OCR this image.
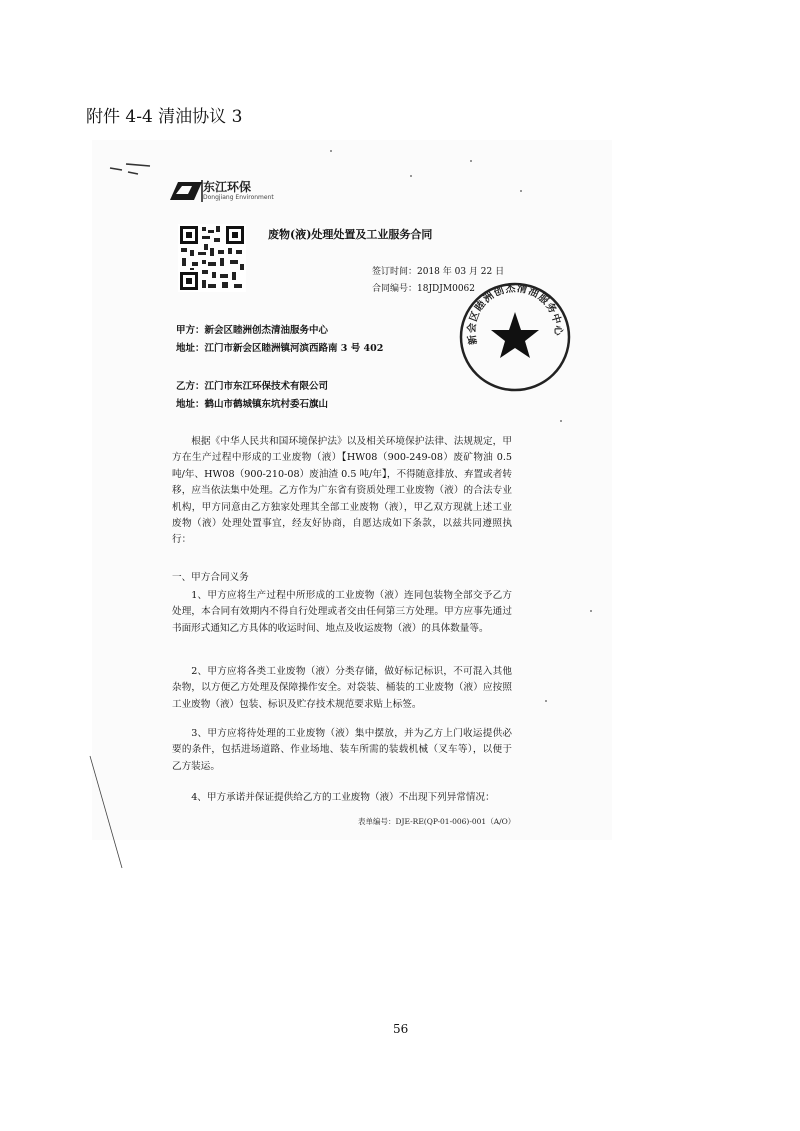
附件 4-4 清油协议 3
东江环保
Dongjiang Environment
废物(液)处理处置及工业服务合同
签订时间：2018 年 03 月 22 日
合同编号：18JDJM0062
新会区睦洲创杰清油服务中心
甲方：新会区睦洲创杰清油服务中心
地址：江门市新会区睦洲镇河滨西路南 3 号 402
乙方：江门市东江环保技术有限公司
地址：鹤山市鹤城镇东坑村委石旗山
根据《中华人民共和国环境保护法》以及相关环境保护法律、法规规定，甲方在生产过程中形成的工业废物（液）【HW08（900-249-08）废矿物油 0.5 吨/年、HW08（900-210-08）废油渣 0.5 吨/年】，不得随意排放、弃置或者转移，应当依法集中处理。乙方作为广东省有资质处理工业废物（液）的合法专业机构，甲方同意由乙方独家处理其全部工业废物（液），甲乙双方现就上述工业废物（液）处理处置事宜，经友好协商，自愿达成如下条款，以兹共同遵照执行：
一、甲方合同义务
1、甲方应将生产过程中所形成的工业废物（液）连同包装物全部交予乙方处理，本合同有效期内不得自行处理或者交由任何第三方处理。甲方应事先通过书面形式通知乙方具体的收运时间、地点及收运废物（液）的具体数量等。
2、甲方应将各类工业废物（液）分类存储，做好标记标识，不可混入其他杂物，以方便乙方处理及保障操作安全。对袋装、桶装的工业废物（液）应按照工业废物（液）包装、标识及贮存技术规范要求贴上标签。
3、甲方应将待处理的工业废物（液）集中摆放，并为乙方上门收运提供必要的条件，包括进场道路、作业场地、装车所需的装载机械（叉车等），以便于乙方装运。
4、甲方承诺并保证提供给乙方的工业废物（液）不出现下列异常情况：
表单编号：DJE-RE(QP-01-006)-001（A/O）
56
